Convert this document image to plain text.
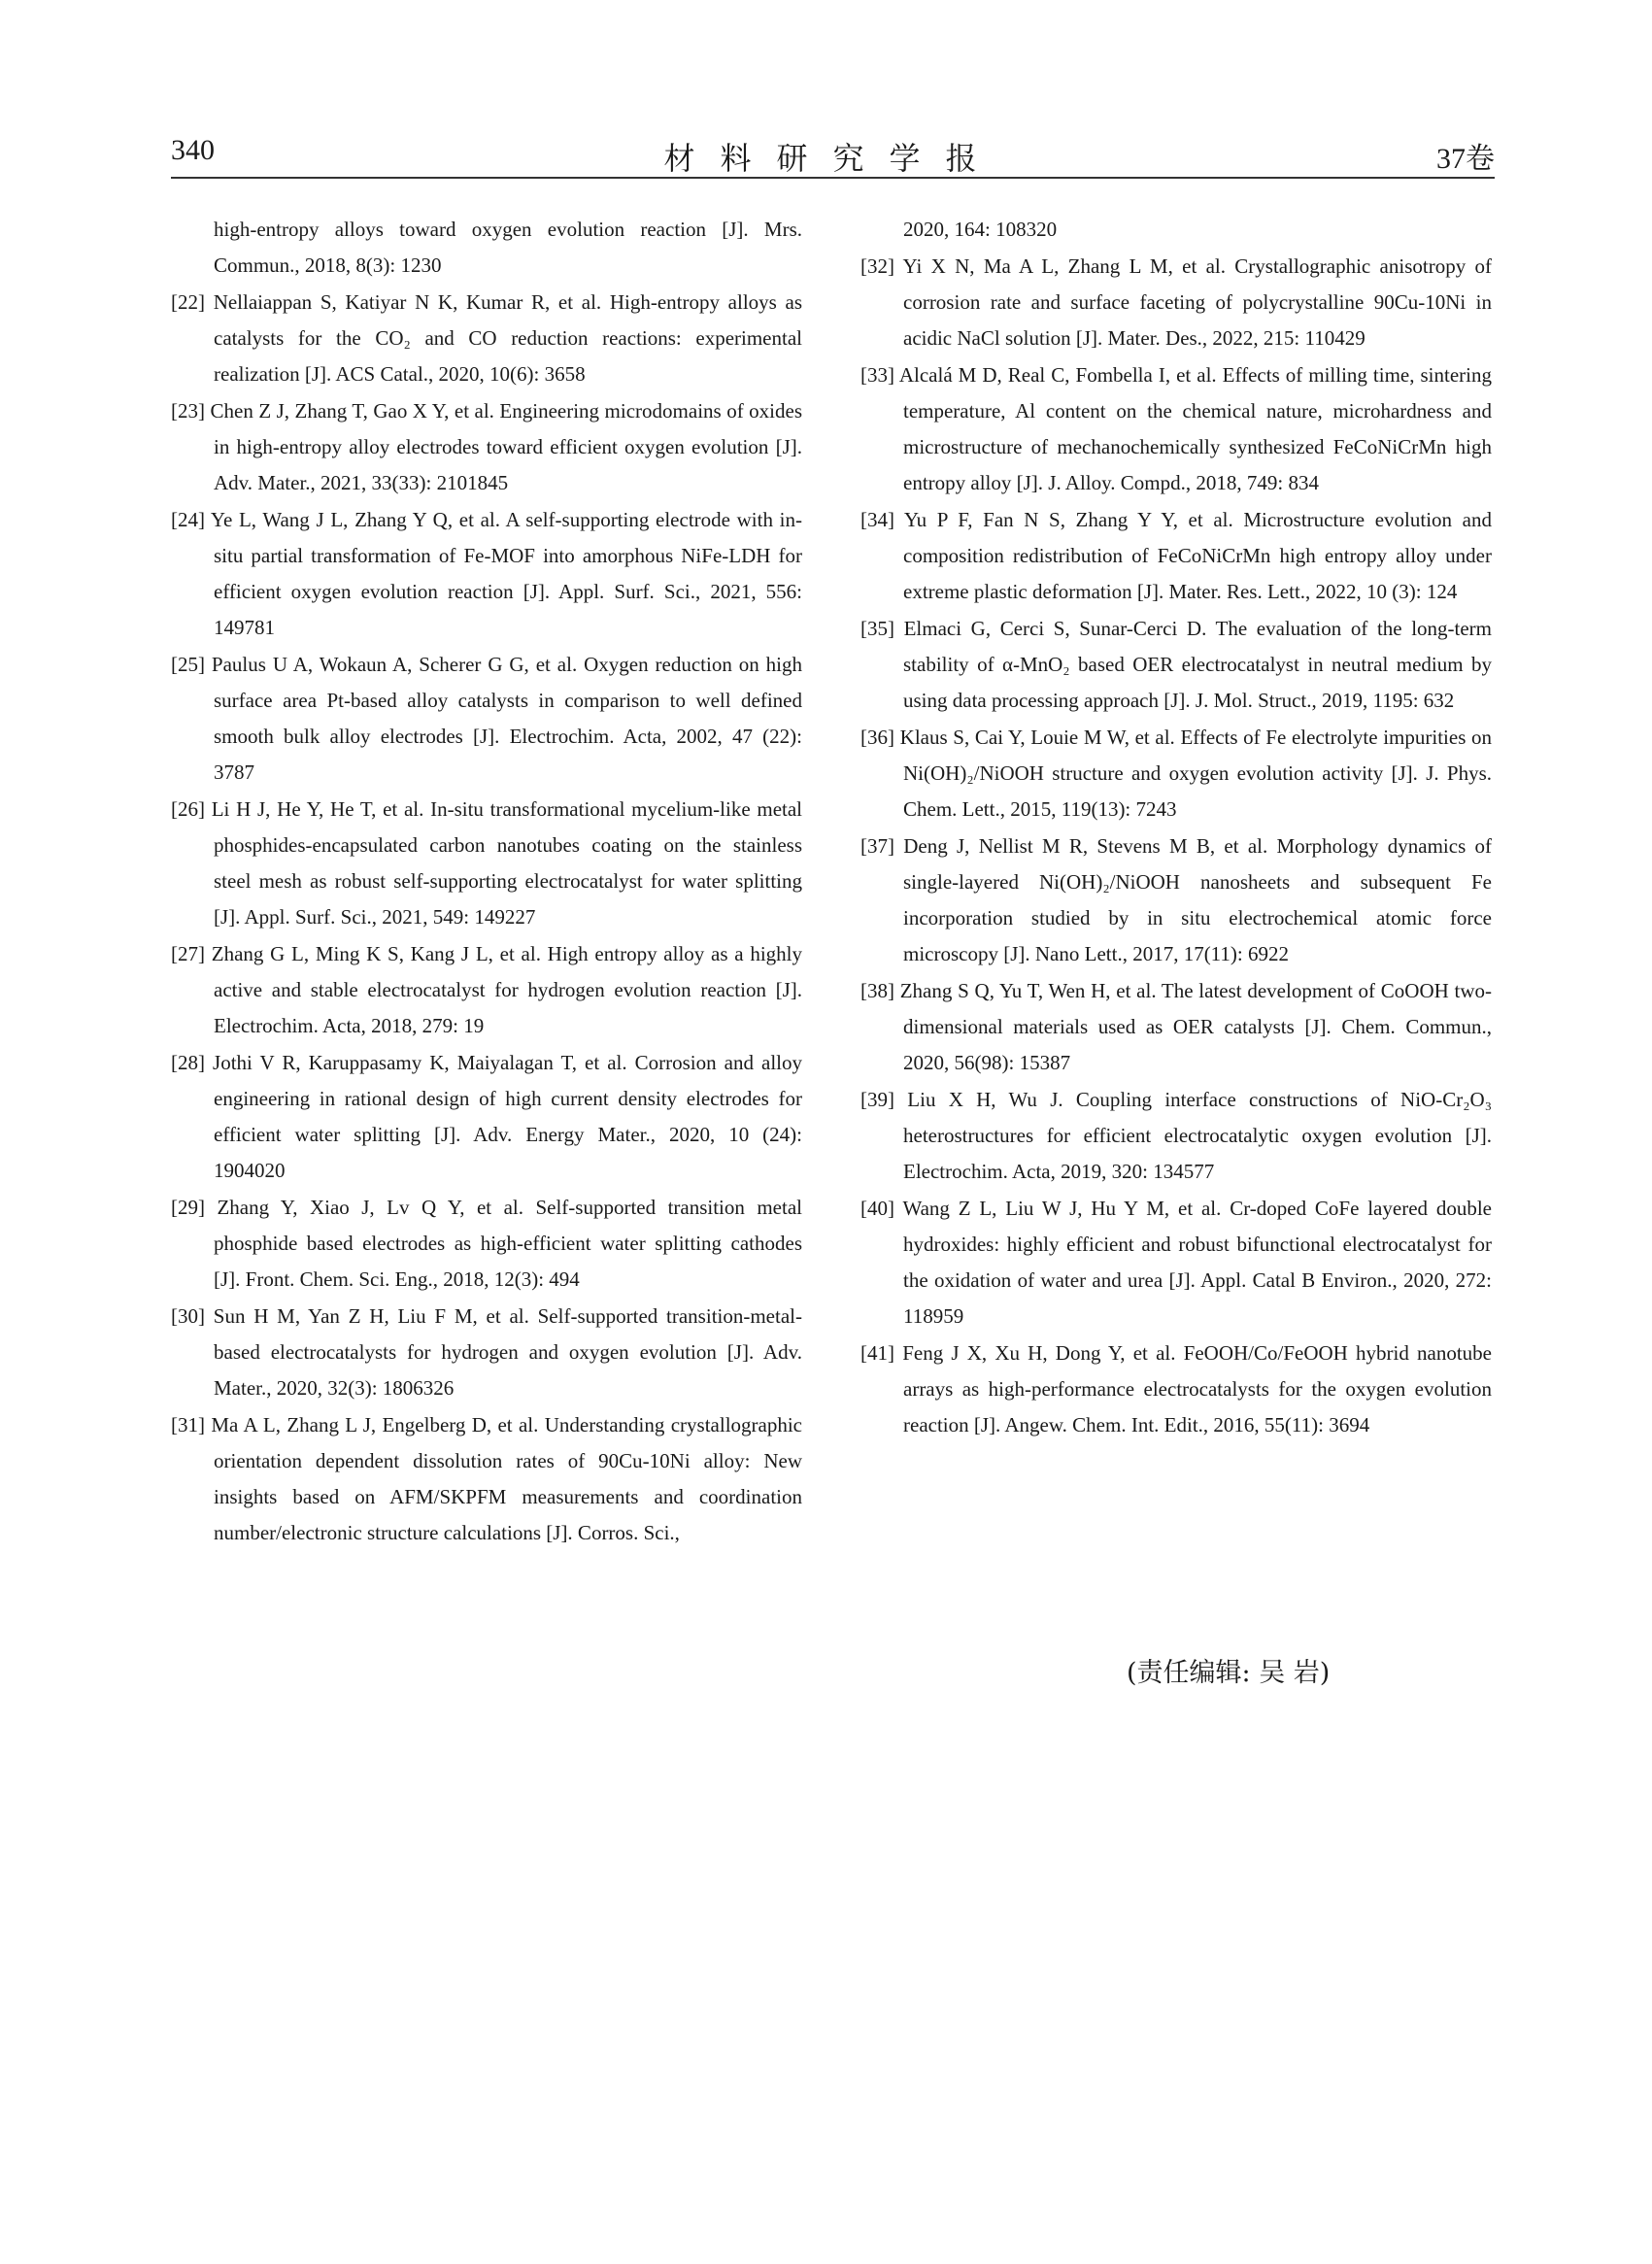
340	材料研究学报	37卷
high-entropy alloys toward oxygen evolution reaction [J]. Mrs. Commun., 2018, 8(3): 1230
[22] Nellaiappan S, Katiyar N K, Kumar R, et al. High-entropy alloys as catalysts for the CO₂ and CO reduction reactions: experimental realization [J]. ACS Catal., 2020, 10(6): 3658
[23] Chen Z J, Zhang T, Gao X Y, et al. Engineering microdomains of oxides in high-entropy alloy electrodes toward efficient oxygen evolution [J]. Adv. Mater., 2021, 33(33): 2101845
[24] Ye L, Wang J L, Zhang Y Q, et al. A self-supporting electrode with in-situ partial transformation of Fe-MOF into amorphous NiFe-LDH for efficient oxygen evolution reaction [J]. Appl. Surf. Sci., 2021, 556: 149781
[25] Paulus U A, Wokaun A, Scherer G G, et al. Oxygen reduction on high surface area Pt-based alloy catalysts in comparison to well defined smooth bulk alloy electrodes [J]. Electrochim. Acta, 2002, 47 (22): 3787
[26] Li H J, He Y, He T, et al. In-situ transformational mycelium-like metal phosphides-encapsulated carbon nanotubes coating on the stainless steel mesh as robust self-supporting electrocatalyst for water splitting [J]. Appl. Surf. Sci., 2021, 549: 149227
[27] Zhang G L, Ming K S, Kang J L, et al. High entropy alloy as a highly active and stable electrocatalyst for hydrogen evolution reaction [J]. Electrochim. Acta, 2018, 279: 19
[28] Jothi V R, Karuppasamy K, Maiyalagan T, et al. Corrosion and alloy engineering in rational design of high current density electrodes for efficient water splitting [J]. Adv. Energy Mater., 2020, 10 (24): 1904020
[29] Zhang Y, Xiao J, Lv Q Y, et al. Self-supported transition metal phosphide based electrodes as high-efficient water splitting cathodes [J]. Front. Chem. Sci. Eng., 2018, 12(3): 494
[30] Sun H M, Yan Z H, Liu F M, et al. Self-supported transition-metal-based electrocatalysts for hydrogen and oxygen evolution [J]. Adv. Mater., 2020, 32(3): 1806326
[31] Ma A L, Zhang L J, Engelberg D, et al. Understanding crystallographic orientation dependent dissolution rates of 90Cu-10Ni alloy: New insights based on AFM/SKPFM measurements and coordination number/electronic structure calculations [J]. Corros. Sci.,
2020, 164: 108320
[32] Yi X N, Ma A L, Zhang L M, et al. Crystallographic anisotropy of corrosion rate and surface faceting of polycrystalline 90Cu-10Ni in acidic NaCl solution [J]. Mater. Des., 2022, 215: 110429
[33] Alcalá M D, Real C, Fombella I, et al. Effects of milling time, sintering temperature, Al content on the chemical nature, microhardness and microstructure of mechanochemically synthesized FeCoNiCrMn high entropy alloy [J]. J. Alloy. Compd., 2018, 749: 834
[34] Yu P F, Fan N S, Zhang Y Y, et al. Microstructure evolution and composition redistribution of FeCoNiCrMn high entropy alloy under extreme plastic deformation [J]. Mater. Res. Lett., 2022, 10 (3): 124
[35] Elmaci G, Cerci S, Sunar-Cerci D. The evaluation of the long-term stability of α-MnO₂ based OER electrocatalyst in neutral medium by using data processing approach [J]. J. Mol. Struct., 2019, 1195: 632
[36] Klaus S, Cai Y, Louie M W, et al. Effects of Fe electrolyte impurities on Ni(OH)₂/NiOOH structure and oxygen evolution activity [J]. J. Phys. Chem. Lett., 2015, 119(13): 7243
[37] Deng J, Nellist M R, Stevens M B, et al. Morphology dynamics of single-layered Ni(OH)₂/NiOOH nanosheets and subsequent Fe incorporation studied by in situ electrochemical atomic force microscopy [J]. Nano Lett., 2017, 17(11): 6922
[38] Zhang S Q, Yu T, Wen H, et al. The latest development of CoOOH two-dimensional materials used as OER catalysts [J]. Chem. Commun., 2020, 56(98): 15387
[39] Liu X H, Wu J. Coupling interface constructions of NiO-Cr₂O₃ heterostructures for efficient electrocatalytic oxygen evolution [J]. Electrochim. Acta, 2019, 320: 134577
[40] Wang Z L, Liu W J, Hu Y M, et al. Cr-doped CoFe layered double hydroxides: highly efficient and robust bifunctional electrocatalyst for the oxidation of water and urea [J]. Appl. Catal B Environ., 2020, 272: 118959
[41] Feng J X, Xu H, Dong Y, et al. FeOOH/Co/FeOOH hybrid nanotube arrays as high-performance electrocatalysts for the oxygen evolution reaction [J]. Angew. Chem. Int. Edit., 2016, 55(11): 3694
(责任编辑: 吴 岩)
